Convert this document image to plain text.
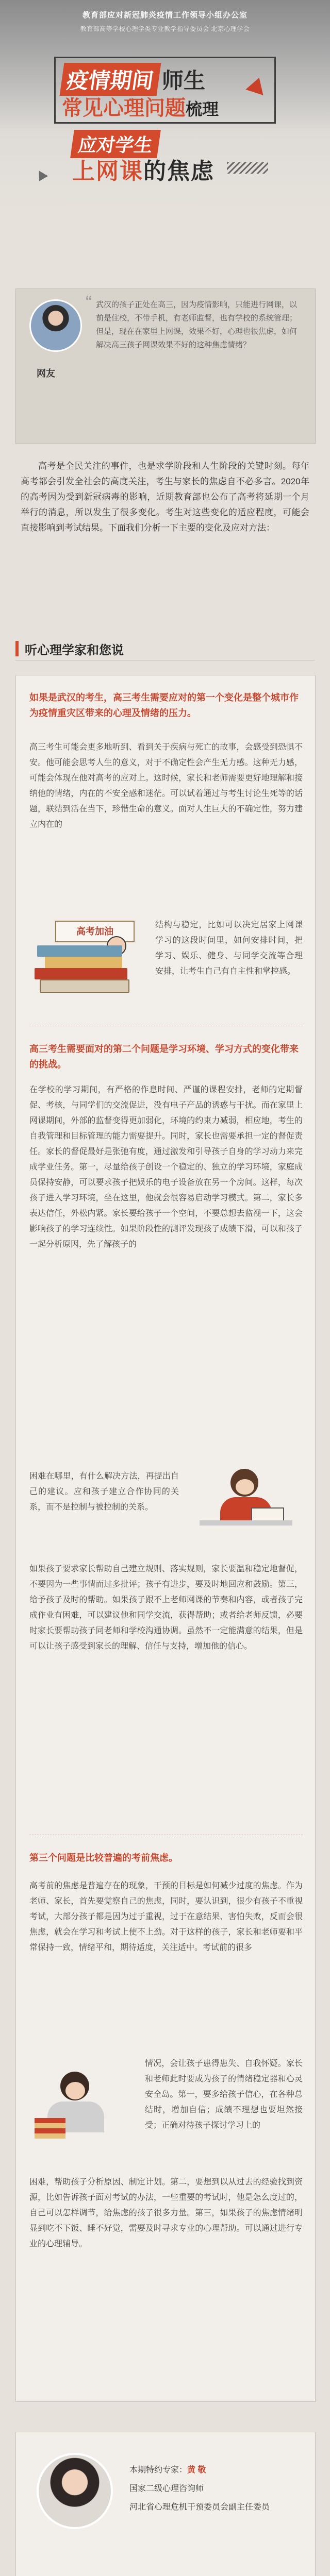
教育部应对新冠肺炎疫情工作领导小组办公室
教育部高等学校心理学类专业教学指导委员会 北京心理学会
疫情期间 师生
常见心理问题梳理
应对学生
上网课的焦虑
网友
“ 武汉的孩子正处在高三，因为疫情影响，只能进行网课，以前是住校，不带手机，有老师监督，也有学校的系统管理；但是，现在在家里上网课，效果不好，心理也很焦虑，如何解决高三孩子网课效果不好的这种焦虑情绪？
高考是全民关注的事件，也是求学阶段和人生阶段的关键时刻。每年高考都会引发全社会的高度关注，考生与家长的焦虑自不必多言。2020年的高考因为受到新冠病毒的影响，近期教育部也公布了高考将延期一个月举行的消息，所以发生了很多变化。考生对这些变化的适应程度，可能会直接影响到考试结果。下面我们分析一下主要的变化及应对方法：
听心理学家和您说
如果是武汉的考生，高三考生需要应对的第一个变化是整个城市作为疫情重灾区带来的心理及情绪的压力。
高三考生可能会更多地听到、看到关于疾病与死亡的故事，会感受到恐惧不安。他可能会思考人生的意义，对于不确定性会产生无力感。这种无力感，可能会体现在他对高考的应对上。这时候，家长和老师需要更好地理解和接纳他的情绪，内在的不安全感和迷茫。可以试着通过与考生讨论生死等的话题，联结到活在当下，珍惜生命的意义。面对人生巨大的不确定性，努力建立内在的
高考加油
结构与稳定，比如可以决定居家上网课学习的这段时间里，如何安排时间，把学习、娱乐、健身、与同学交流等合理安排，让考生自己有自主性和掌控感。
高三考生需要面对的第二个问题是学习环境、学习方式的变化带来的挑战。
在学校的学习期间，有严格的作息时间、严谨的课程安排，老师的定期督促、考核，与同学们的交流促进，没有电子产品的诱惑与干扰。而在家里上网课期间，外部的监督变得更加弱化，环境的约束力减弱，相应地，考生的自我管理和目标管理的能力需要提升。同时，家长也需要承担一定的督促责任。家长的督促最好是张弛有度，通过激发和引导孩子自身的学习动力来完成学业任务。第一，尽量给孩子创设一个稳定的、独立的学习环境，家庭成员保持安静，可以要求孩子把娱乐的电子设备放在另一个房间。这样，每次孩子进入学习环境，坐在这里，他就会很容易启动学习模式。第二，家长多表达信任，外松内紧。家长要给孩子一个空间，不要总想去监视一下，这会影响孩子的学习连续性。如果阶段性的测评发现孩子成绩下滑，可以和孩子一起分析原因，先了解孩子的
困难在哪里，有什么解决方法，再提出自己的建议。应和孩子建立合作协同的关系，而不是控制与被控制的关系。
如果孩子要求家长帮助自己建立规则、落实规则，家长要温和稳定地督促，不要因为一些事情而过多批评；孩子有进步，要及时地回应和鼓励。第三，给予孩子及时的帮助。如果孩子跟不上老师网课的节奏和内容，或者孩子完成作业有困难，可以建议他和同学交流，获得帮助；或者给老师反馈，必要时家长要帮助孩子同老师和学校沟通协调。虽然不一定能满意的结果，但是可以让孩子感受到家长的理解、信任与支持，增加他的信心。
第三个问题是比较普遍的考前焦虑。
高考前的焦虑是普遍存在的现象，干预的目标是如何减少过度的焦虑。作为老师、家长，首先要觉察自己的焦虑，同时，要认识到，很少有孩子不重视考试，大部分孩子都是因为过于重视，过于在意结果、害怕失败，反而会很焦虑，就会在学习和考试上使不上劲。对于这样的孩子，家长和老师要和平常保持一致，情绪平和，期待适度，关注适中。考试前的很多
情况，会让孩子患得患失、自我怀疑。家长和老师此时要成为孩子的情绪稳定器和心灵安全岛。第一，要多给孩子信心，在各种总结时，增加自信；成绩不理想也要坦然接受；正确对待孩子探讨学习上的
困难，帮助孩子分析原因、制定计划。第二，要想到以从过去的经验找到资源，比如告诉孩子面对考试的办法，一些重要的考试时，他是怎么度过的，自己可以怎样调节，给焦虑的孩子很多力量。第三，如果孩子的焦虑情绪明显到吃不下饭、睡不好觉，需要及时寻求专业的心理帮助。可以通过进行专业的心理辅导。
本期特约专家：黄 敬
国家二级心理咨询师
河北省心理危机干预委员会副主任委员
